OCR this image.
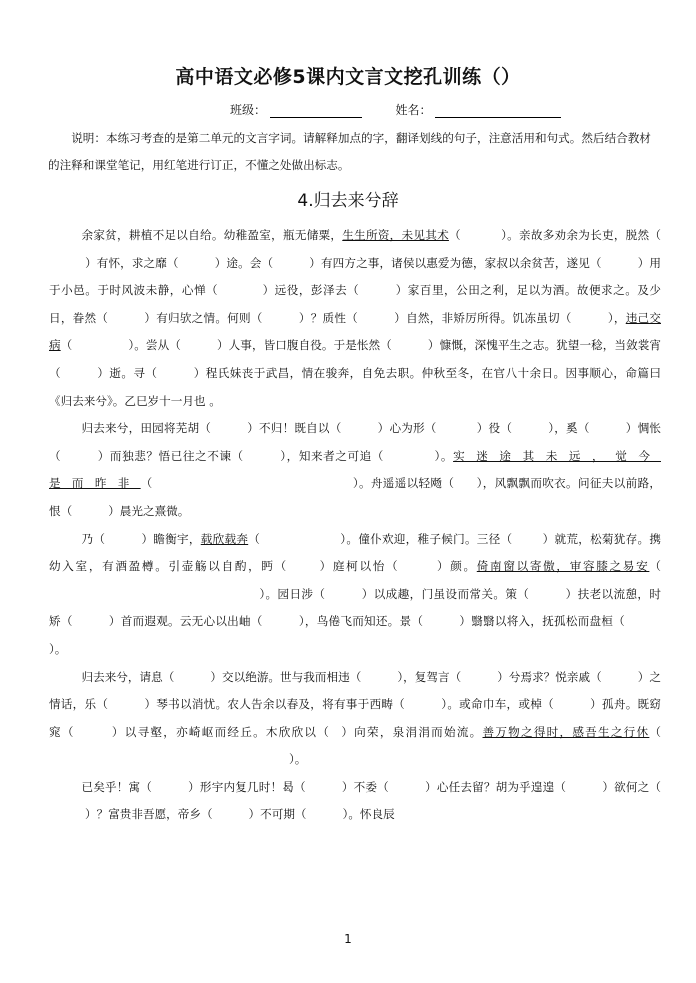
高中语文必修5课内文言文挖孔训练（）
班级：	姓名：
说明：本练习考查的是第二单元的文言字词。请解释加点的字，翻译划线的句子，注意活用和句式。然后结合教材的注释和课堂笔记，用红笔进行订正，不懂之处做出标志。
4.归去来兮辞

余家贫，耕植不足以自给。幼稚盈室，瓶无储粟，生生所资，未见其术（	）。亲故多劝余为长吏，脱然（）有怀，求之靡（	）途。会（	）有四方之事，诸侯以惠爱为德，家叔以余贫苦，遂见（	）用于小邑。于时风波未静，心惮（	）远役，彭泽去（	）家百里，公田之利，足以为酒。故便求之。及少日，眷然（	）有归欤之情。何则（	）？质性（	）自然，非矫厉所得。饥冻虽切（	），违己交病（	）。尝从（	）人事，皆口腹自役。于是怅然（	）慷慨，深愧平生之志。犹望一稔，当敛裳宵（	）逝。寻（	）程氏妹丧于武昌，情在骏奔，自免去职。仲秋至冬，在官八十余日。因事顺心，命篇曰《归去来兮》。乙巳岁十一月也 。

归去来兮，田园将芜胡（	）不归！既自以（	）心为形（	）役（	），奚（	）惆怅（	）而独悲？悟已往之不谏（	），知来者之可追（	）。实迷途其未远，觉今是而昨非（	）。舟遥遥以轻飏（ ），风飘飘而吹衣。问征夫以前路，恨（	）晨光之熹微。

乃（	）瞻衡宇，载欣载奔（	）。僮仆欢迎，稚子候门。三径（	）就荒，松菊犹存。携幼入室，有酒盈樽。引壶觞以自酌，眄（	）庭柯以怡（	）颜。倚南窗以寄傲，审容膝之易安（）。园日涉（	）以成趣，门虽设而常关。策（	）扶老以流憩，时矫（	）首而遐观。云无心以出岫（	），鸟倦飞而知还。景（	）翳翳以将入，抚孤松而盘桓（）。

归去来兮，请息（	）交以绝游。世与我而相违（	），复驾言（	）兮焉求？悦亲戚（	）之情话，乐（	）琴书以消忧。农人告余以春及，将有事于西畴（	）。或命巾车，或棹（	）孤舟。既窈窕（	）以寻壑，亦崎岖而经丘。木欣欣以（ ）向荣，泉涓涓而始流。善万物之得时，感吾生之行休（）。

已矣乎！寓（	）形宇内复几时！曷（	）不委（	）心任去留？胡为乎遑遑（	）欲何之（）？富贵非吾愿，帝乡（	）不可期（	）。怀良辰

1
